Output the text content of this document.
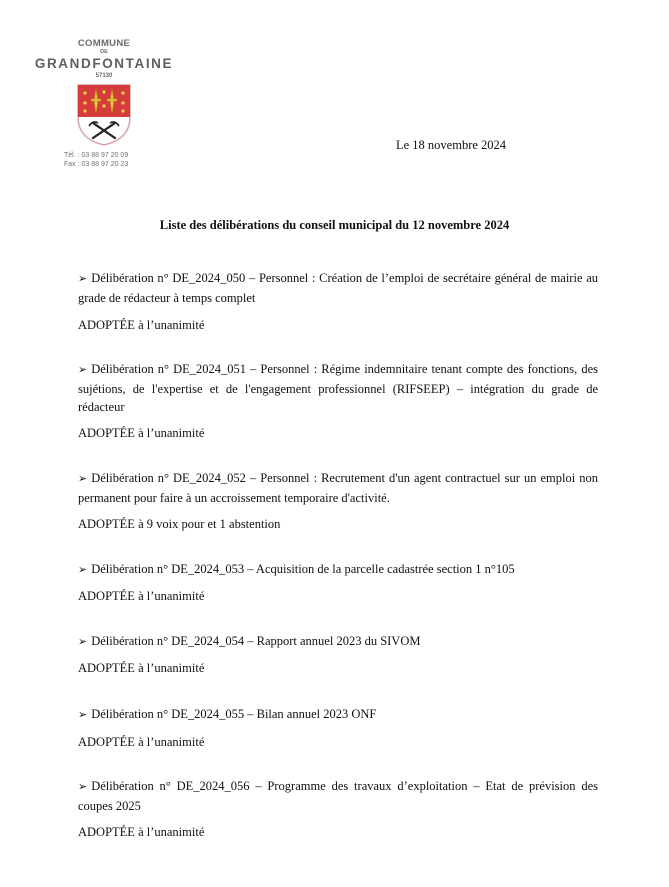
COMMUNE
DE
GRANDFONTAINE
57130
Tél. : 03 88 97 20 09
Fax : 03 88 97 20 23
Le 18 novembre 2024
Liste des délibérations du conseil municipal du 12 novembre 2024
➢ Délibération n° DE_2024_050 – Personnel : Création de l’emploi de secrétaire général de mairie au grade de rédacteur à temps complet
ADOPTÉE à l’unanimité
➢ Délibération n° DE_2024_051 – Personnel : Régime indemnitaire tenant compte des fonctions, des sujétions, de l'expertise et de l'engagement professionnel (RIFSEEP) – intégration du grade de rédacteur
ADOPTÉE à l’unanimité
➢ Délibération n° DE_2024_052 – Personnel : Recrutement d'un agent contractuel sur un emploi non permanent pour faire à un accroissement temporaire d'activité.
ADOPTÉE à 9 voix pour et 1 abstention
➢ Délibération n° DE_2024_053 – Acquisition de la parcelle cadastrée section 1 n°105
ADOPTÉE à l’unanimité
➢ Délibération n° DE_2024_054 – Rapport annuel 2023 du SIVOM
ADOPTÉE à l’unanimité
➢ Délibération n° DE_2024_055 – Bilan annuel 2023 ONF
ADOPTÉE à l’unanimité
➢ Délibération n° DE_2024_056 – Programme des travaux d’exploitation – Etat de prévision des coupes 2025
ADOPTÉE à l’unanimité
